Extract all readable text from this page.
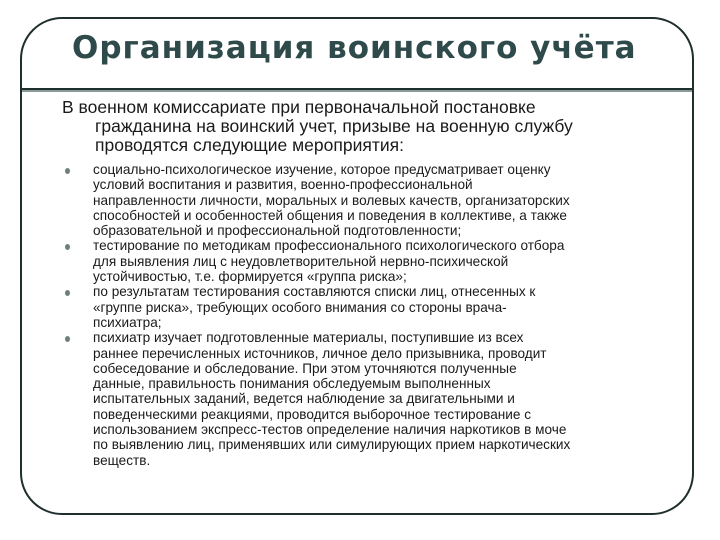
Организация воинского учёта
В военном комиссариате при первоначальной постановке
гражданина на воинский учет, призыве на военную службу
проводятся следующие мероприятия:
социально-психологическое изучение, которое предусматривает оценку
условий воспитания и развития, военно-профессиональной
направленности личности, моральных и волевых качеств, организаторских
способностей и особенностей общения и поведения в коллективе, а также
образовательной и профессиональной подготовленности;
тестирование по методикам профессионального психологического отбора
для выявления лиц с неудовлетворительной нервно-психической
устойчивостью, т.е. формируется «группа риска»;
по результатам тестирования составляются списки лиц, отнесенных к
«группе риска», требующих особого внимания со стороны врача-
психиатра;
психиатр изучает подготовленные материалы, поступившие из всех
раннее перечисленных источников, личное дело призывника, проводит
собеседование и обследование. При этом уточняются полученные
данные, правильность понимания обследуемым выполненных
испытательных заданий, ведется наблюдение за двигательными и
поведенческими реакциями, проводится выборочное тестирование с
использованием экспресс-тестов определение наличия наркотиков в моче
по выявлению лиц, применявших или симулирующих прием наркотических
веществ.
